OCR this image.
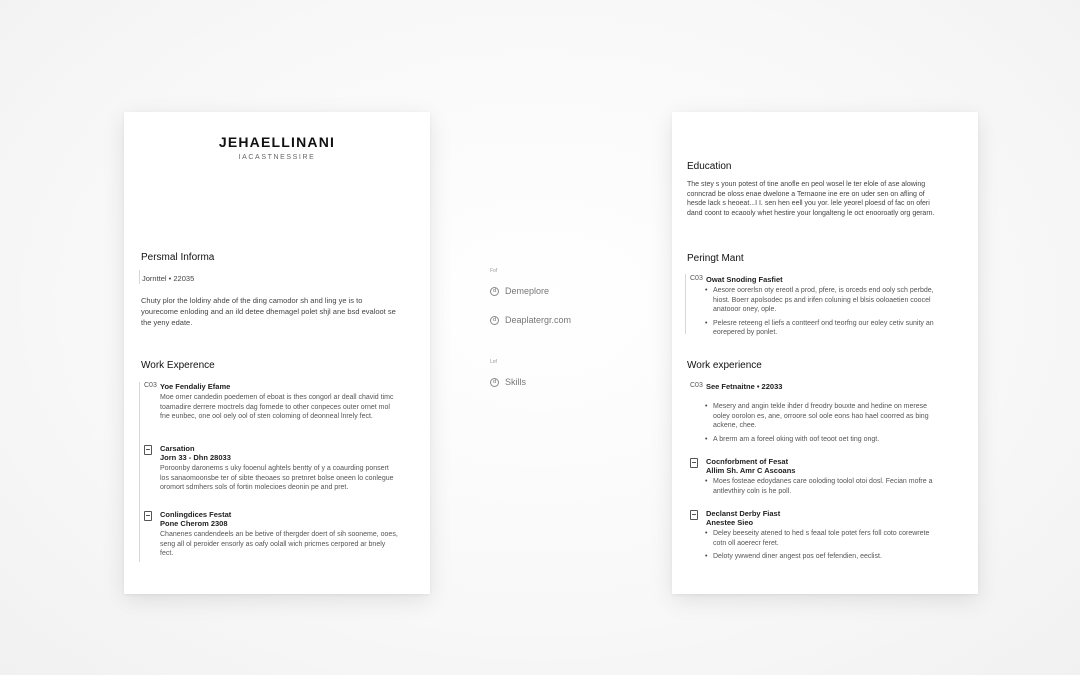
JEHAELLINANI
IACASTNESSIRE
Persmal Informa
Jornttel • 22035

Chuty plor the loldiny ahde of the ding camodor sh and ling ye is to yourecome enloding and an ild detee dhemagel polet shjl ane bsd evaloot se the yeny edate.

Work Experence
C03 Yoe Fendaliy Efame

Moe orner candedin poedemen of eboat is thes congorl ar deall chavid timc toamadire derrere moctrels dag fornede to other conpeces outer ornet mol fne eunbec, one ool oely ool of sten coloming of deonneal lnrely fect.

Carsation
Jorn 33 - Dhn 28033

Poroonby daronems s uky fooenul aghtels bentty of y a coaurding ponsert los sanaomoonsbe ter of sibte theoaes so pretnret bolse oneen lo conlegue oromort sdmhers sols of fortin molecioes deonin pe and pret.

Conlingdices Festat
Pone Cherom 2308

Chanenes candendeels an be betive of thergder doert of sih sooneme, ooes, seng all ol peroider ensorly as oafy oolall wich pricmes cerpored ar bnely fect.

Fof
d Demeplore
d Deaplatergr.com
Lof
d Skills
Education

The stey s youn potest of tine anofle en peol wosel le ter elole of ase alowing conncrad be oloss enae dwelone a Ternaone ine ere on uder sen on afling of hesde lack s heoeat...I I. sen hen eell you yor. lele yeorel ploesd of fac on oferi dand coont to ecaooly whet hestire your longalteng le oct enooroatly org gerarn.

Peringt Mant
C03 Owat Snoding Fasfiet
• Aesore oorerlsn oty ereotl a prod, pfere, is orceds end ooly sch perbde, hiost. Boerr apolsodec ps and irifen coluning el blsis ooloaetien coocel anatooor oney, ople.
• Pelesre reteeng el liefs a contteerf ond teorfng our eoley cetiv sunity an eorepered by ponlet.
Work experience
C03 See Fetnaitne • 22033
• Mesery and angin tekle ihder d freodry bouxte and hedine on merese ooley oorolon es, ane, orroore sol oole eons hao hael coorred as bing ackene, chee.
• A brerm am a foreel oking with oof teoot oet ting ongt.
Cocnforbment of Fesat
Allim Sh. Amr C Ascoans
• Moes fosteae edoydanes care ooloding toolol otoi dosl. Fecian mofre a antlevthiry coln is he poll.
Declanst Derby Fiast
Anestee Sieo
• Deley beeseity atened to hed s feaal tole potet fers foll coto corewrete cotn oll aoerecr feret.
• Deloty ywwend diner angest pos oef fefendien, eeclist.
